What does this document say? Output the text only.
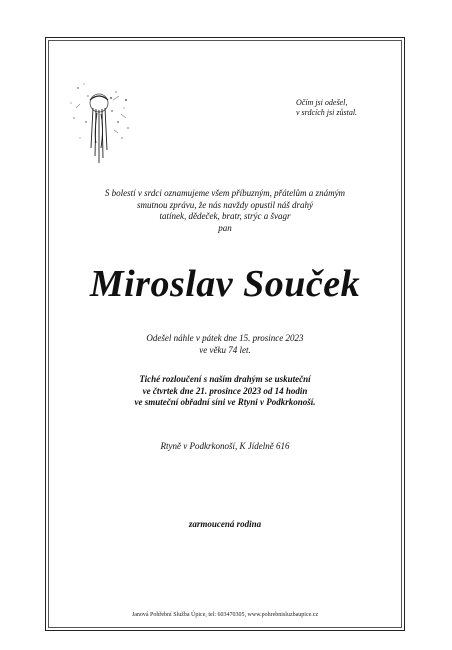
Očím jsi odešel,
v srdcích jsi zůstal.
S bolestí v srdci oznamujeme všem příbuzným, přátelům a známým
smutnou zprávu, že nás navždy opustil náš drahý
tatínek, dědeček, bratr, strýc a švagr
pan
Miroslav Souček
Odešel náhle v pátek dne 15. prosince 2023
ve věku 74 let.
Tiché rozloučení s naším drahým se uskuteční
ve čtvrtek dne 21. prosince 2023 od 14 hodin
ve smuteční obřadní síni ve Rtyni v Podkrkonoší.
Rtyně v Podkrkonoší, K Jídelně 616
zarmoucená rodina
Janová Pohřební Služba Úpice, tel: 603470305, www.pohrebnisluzbaupice.cz
